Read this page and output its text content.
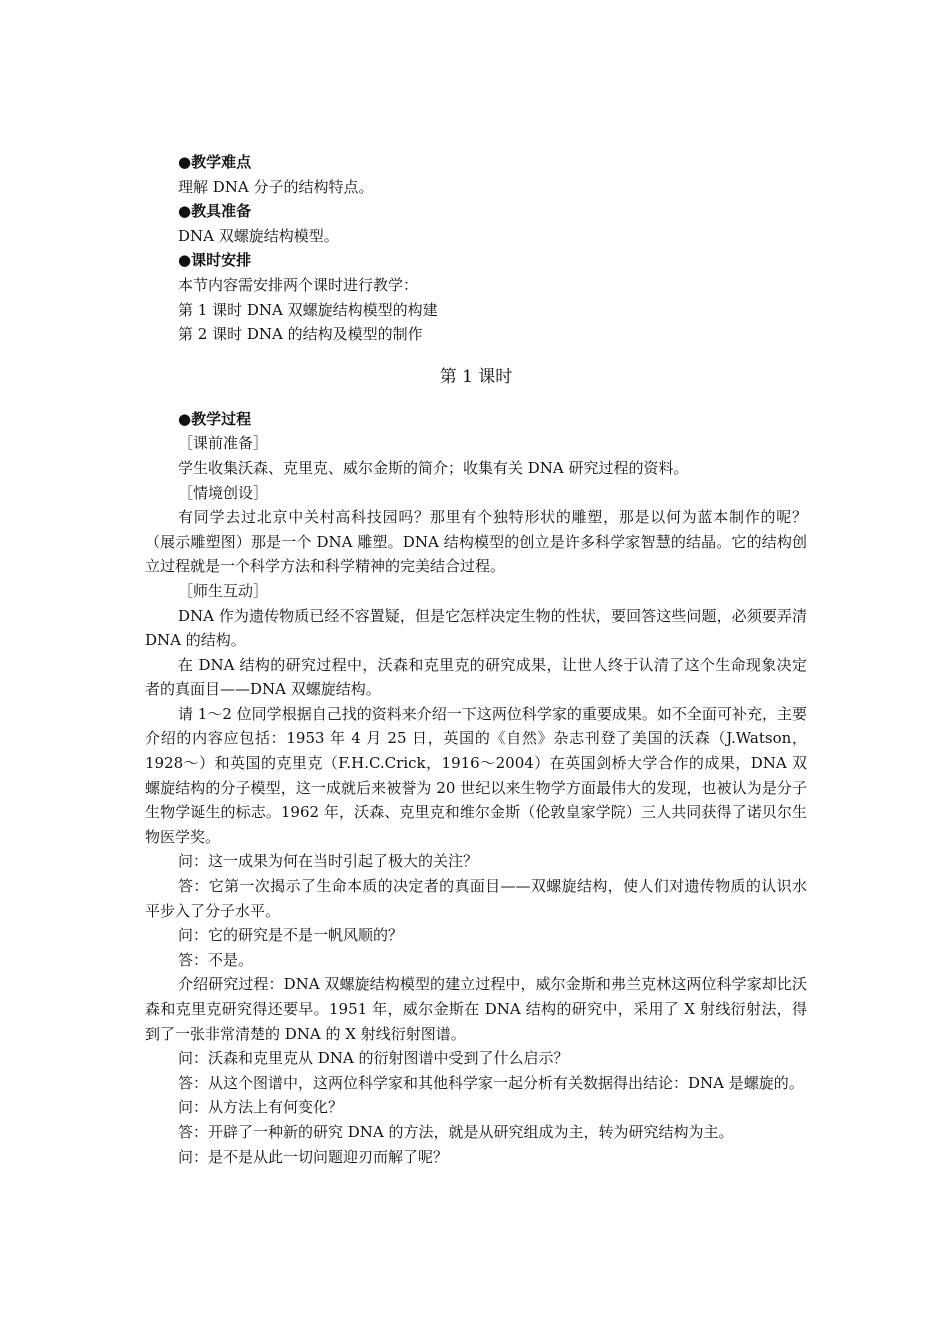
●教学难点

理解 DNA 分子的结构特点。

●教具准备

DNA 双螺旋结构模型。

●课时安排

本节内容需安排两个课时进行教学：

第 1 课时 DNA 双螺旋结构模型的构建

第 2 课时 DNA 的结构及模型的制作

第 1 课时

●教学过程

［课前准备］

学生收集沃森、克里克、威尔金斯的简介；收集有关 DNA 研究过程的资料。

［情境创设］

有同学去过北京中关村高科技园吗？那里有个独特形状的雕塑，那是以何为蓝本制作的呢？（展示雕塑图）那是一个 DNA 雕塑。DNA 结构模型的创立是许多科学家智慧的结晶。它的结构创立过程就是一个科学方法和科学精神的完美结合过程。

［师生互动］

DNA 作为遗传物质已经不容置疑，但是它怎样决定生物的性状，要回答这些问题，必须要弄清 DNA 的结构。

在 DNA 结构的研究过程中，沃森和克里克的研究成果，让世人终于认清了这个生命现象决定者的真面目——DNA 双螺旋结构。

请 1～2 位同学根据自己找的资料来介绍一下这两位科学家的重要成果。如不全面可补充，主要介绍的内容应包括：1953 年 4 月 25 日，英国的《自然》杂志刊登了美国的沃森（J.Watson，1928～）和英国的克里克（F.H.C.Crick，1916～2004）在英国剑桥大学合作的成果，DNA 双螺旋结构的分子模型，这一成就后来被誉为 20 世纪以来生物学方面最伟大的发现，也被认为是分子生物学诞生的标志。1962 年，沃森、克里克和维尔金斯（伦敦皇家学院）三人共同获得了诺贝尔生物医学奖。

问：这一成果为何在当时引起了极大的关注？

答：它第一次揭示了生命本质的决定者的真面目——双螺旋结构，使人们对遗传物质的认识水平步入了分子水平。

问：它的研究是不是一帆风顺的？

答：不是。

介绍研究过程：DNA 双螺旋结构模型的建立过程中，威尔金斯和弗兰克林这两位科学家却比沃森和克里克研究得还要早。1951 年，威尔金斯在 DNA 结构的研究中，采用了 X 射线衍射法，得到了一张非常清楚的 DNA 的 X 射线衍射图谱。

问：沃森和克里克从 DNA 的衍射图谱中受到了什么启示？

答：从这个图谱中，这两位科学家和其他科学家一起分析有关数据得出结论：DNA 是螺旋的。

问：从方法上有何变化？

答：开辟了一种新的研究 DNA 的方法，就是从研究组成为主，转为研究结构为主。

问：是不是从此一切问题迎刃而解了呢？
